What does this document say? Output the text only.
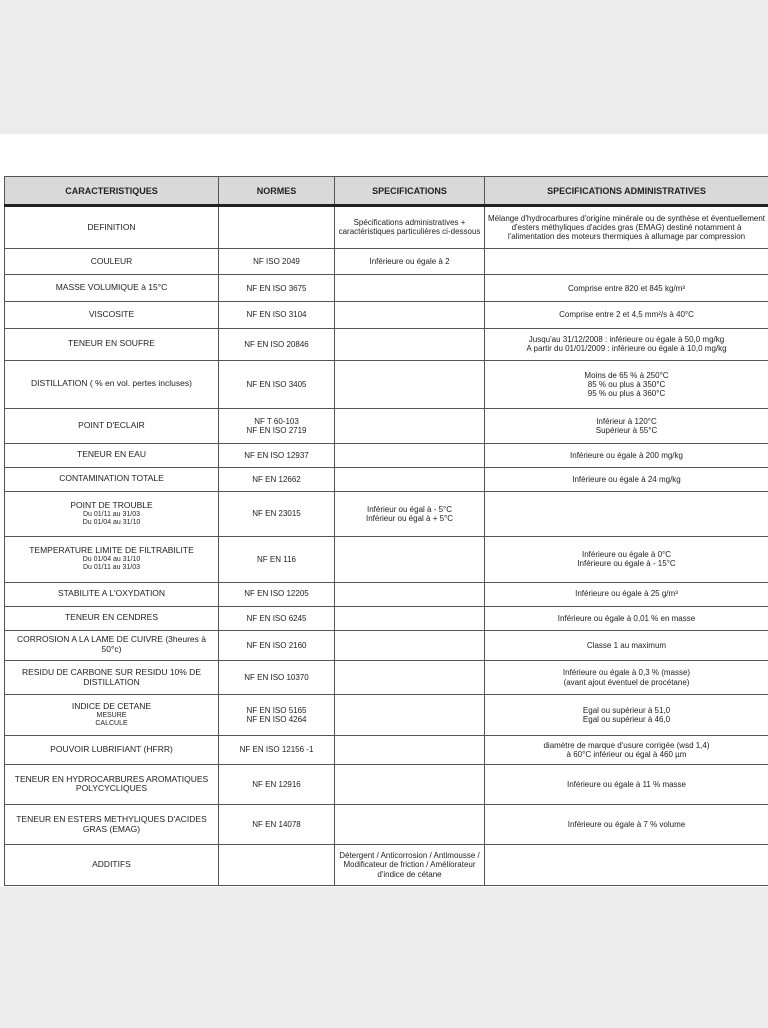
CARACTERISTIQUES	NORMES	SPECIFICATIONS	SPECIFICATIONS ADMINISTRATIVES

DEFINITION		Spécifications administratives + caractéristiques particulières ci-dessous	Mélange d'hydrocarbures d'origine minérale ou de synthèse et éventuellement d'esters méthyliques d'acides gras (EMAG) destiné notamment à l'alimentation des moteurs thermiques à allumage par compression

COULEUR	NF ISO 2049	Inférieure ou égale à 2	

MASSE VOLUMIQUE à 15°C	NF EN ISO 3675		Comprise entre 820 et 845 kg/m³

VISCOSITE	NF EN ISO 3104		Comprise entre 2 et 4,5 mm²/s à 40°C

TENEUR EN SOUFRE	NF EN ISO 20846		Jusqu'au 31/12/2008 : inférieure ou égale à 50,0 mg/kg
A partir du 01/01/2009 : inférieure ou égale à 10,0 mg/kg

DISTILLATION ( % en vol. pertes incluses)	NF EN ISO 3405		Moins de 65 % à 250°C
85 % ou plus à 350°C
95 % ou plus à 360°C

POINT D'ECLAIR	NF T 60-103
NF EN ISO 2719		Inférieur à 120°C
Supérieur à 55°C

TENEUR EN EAU	NF EN ISO 12937		Inférieure ou égale à 200 mg/kg

CONTAMINATION TOTALE	NF EN 12662		Inférieure ou égale à 24 mg/kg

POINT DE TROUBLE
Du 01/11 au 31/03
Du 01/04 au 31/10	NF EN 23015	Inférieur ou égal à - 5°C
Inférieur ou égal à + 5°C	

TEMPERATURE LIMITE DE FILTRABILITE
Du 01/04 au 31/10
Du 01/11 au 31/03	NF EN 116		Inférieure ou égale à 0°C
Inférieure ou égale à - 15°C

STABILITE A L'OXYDATION	NF EN ISO 12205		Inférieure ou égale à 25 g/m³

TENEUR EN CENDRES	NF EN ISO 6245		Inférieure ou égale à 0,01 % en masse

CORROSION A LA LAME DE CUIVRE (3heures à 50°c)	NF EN ISO 2160		Classe 1 au maximum

RESIDU DE CARBONE SUR RESIDU 10% DE DISTILLATION	NF EN ISO 10370		Inférieure ou égale à 0,3 % (masse)
(avant ajout éventuel de procétane)

INDICE DE CETANE
MESURE
CALCULE	NF EN ISO 5165
NF EN ISO 4264		Egal ou supérieur à 51,0
Egal ou supérieur à 46,0

POUVOIR LUBRIFIANT (HFRR)	NF EN ISO 12156 -1		diamètre de marque d'usure corrigée (wsd 1,4)
à 60°C inférieur ou égal à 460 µm

TENEUR EN HYDROCARBURES AROMATIQUES POLYCYCLIQUES	NF EN 12916		Inférieure ou égale à 11 % masse

TENEUR EN ESTERS METHYLIQUES D'ACIDES GRAS (EMAG)	NF EN 14078		Inférieure ou égale à 7 % volume

ADDITIFS		Détergent / Anticorrosion / Antimousse / Modificateur de friction / Améliorateur d'indice de cétane	
